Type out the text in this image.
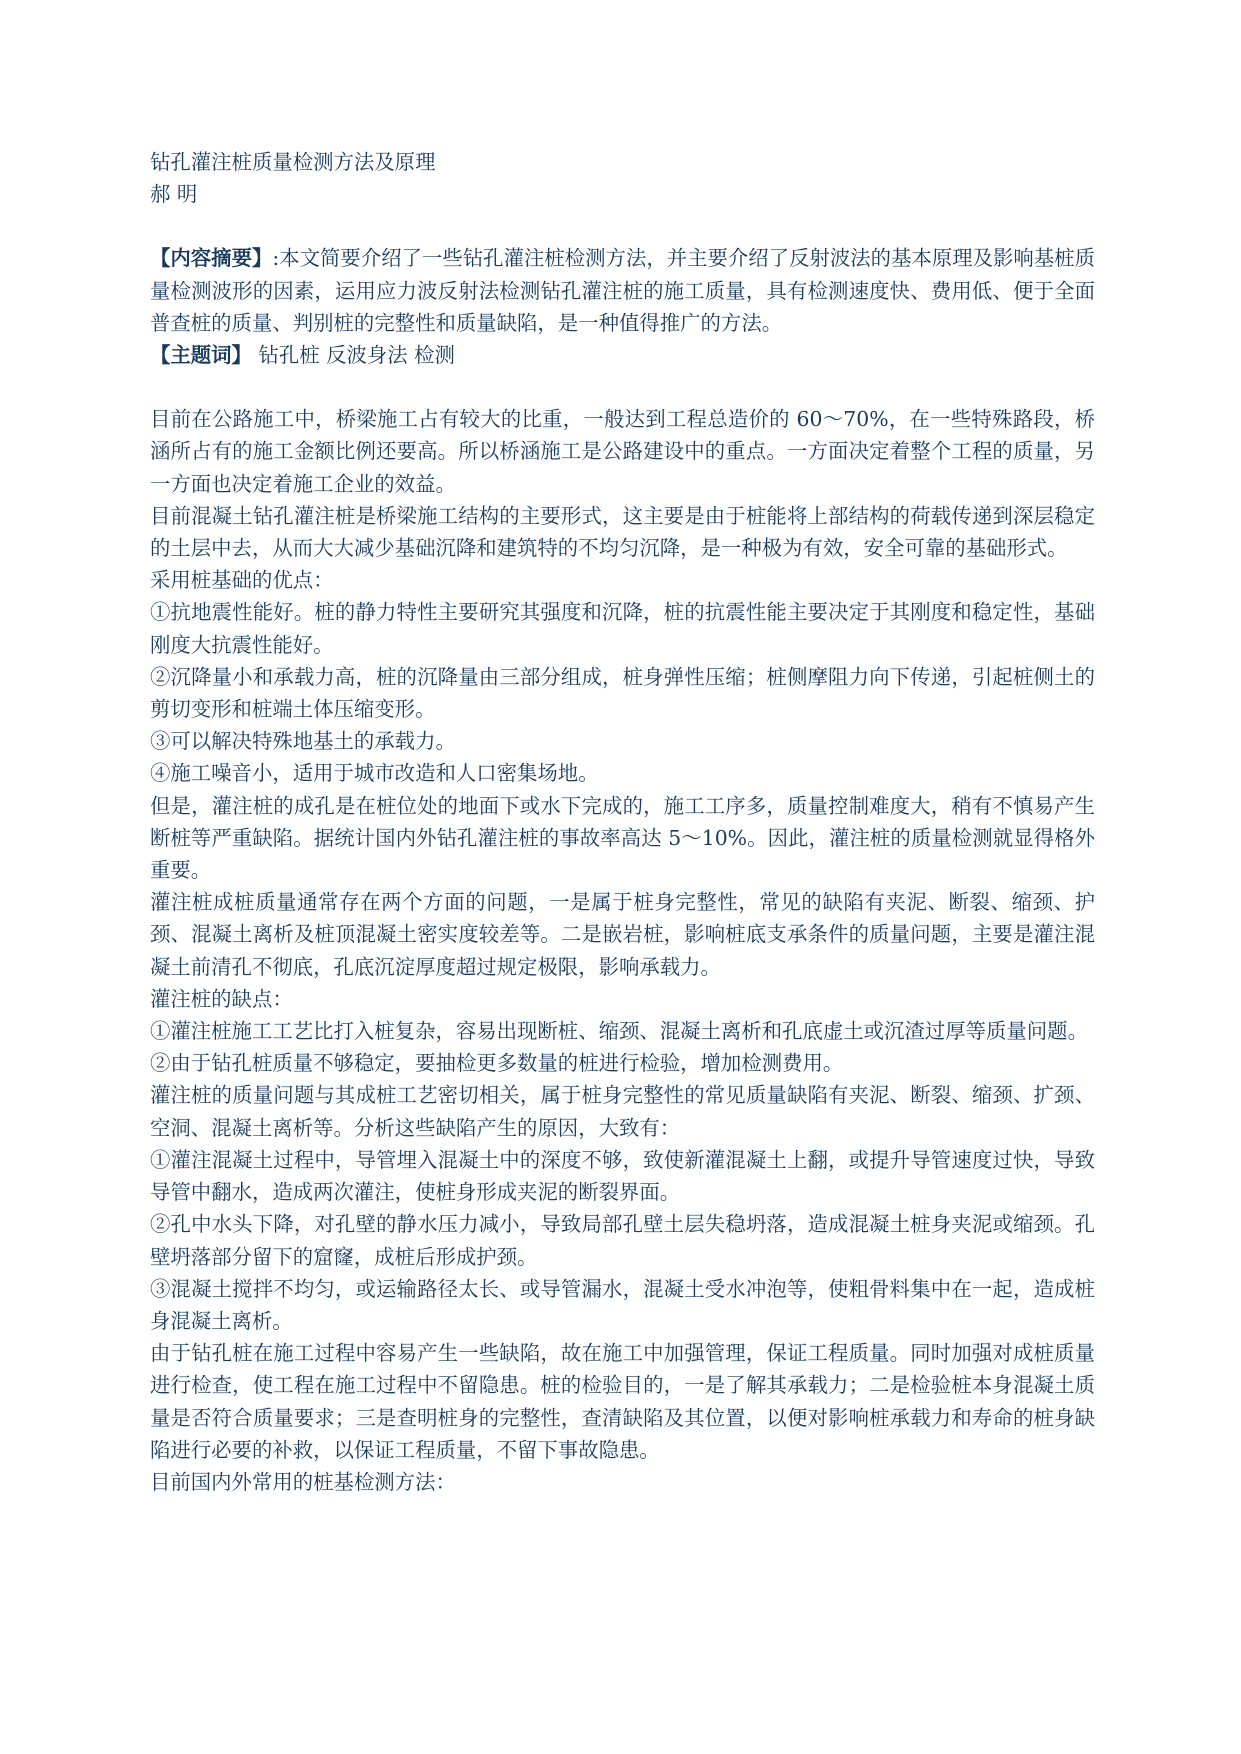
钻孔灌注桩质量检测方法及原理

郝 明

【内容摘要】:本文简要介绍了一些钻孔灌注桩检测方法，并主要介绍了反射波法的基本原理及影响基桩质量检测波形的因素，运用应力波反射法检测钻孔灌注桩的施工质量，具有检测速度快、费用低、便于全面普查桩的质量、判别桩的完整性和质量缺陷，是一种值得推广的方法。

【主题词】 钻孔桩 反波身法 检测

目前在公路施工中，桥梁施工占有较大的比重，一般达到工程总造价的 60～70%，在一些特殊路段，桥涵所占有的施工金额比例还要高。所以桥涵施工是公路建设中的重点。一方面决定着整个工程的质量，另一方面也决定着施工企业的效益。

目前混凝土钻孔灌注桩是桥梁施工结构的主要形式，这主要是由于桩能将上部结构的荷载传递到深层稳定的土层中去，从而大大减少基础沉降和建筑特的不均匀沉降，是一种极为有效，安全可靠的基础形式。

采用桩基础的优点：

①抗地震性能好。桩的静力特性主要研究其强度和沉降，桩的抗震性能主要决定于其刚度和稳定性，基础刚度大抗震性能好。

②沉降量小和承载力高，桩的沉降量由三部分组成，桩身弹性压缩；桩侧摩阻力向下传递，引起桩侧土的剪切变形和桩端土体压缩变形。

③可以解决特殊地基土的承载力。

④施工噪音小，适用于城市改造和人口密集场地。

但是，灌注桩的成孔是在桩位处的地面下或水下完成的，施工工序多，质量控制难度大，稍有不慎易产生断桩等严重缺陷。据统计国内外钻孔灌注桩的事故率高达 5～10%。因此，灌注桩的质量检测就显得格外重要。

灌注桩成桩质量通常存在两个方面的问题，一是属于桩身完整性，常见的缺陷有夹泥、断裂、缩颈、护颈、混凝土离析及桩顶混凝土密实度较差等。二是嵌岩桩，影响桩底支承条件的质量问题，主要是灌注混凝土前清孔不彻底，孔底沉淀厚度超过规定极限，影响承载力。

灌注桩的缺点：

①灌注桩施工工艺比打入桩复杂，容易出现断桩、缩颈、混凝土离析和孔底虚土或沉渣过厚等质量问题。

②由于钻孔桩质量不够稳定，要抽检更多数量的桩进行检验，增加检测费用。

灌注桩的质量问题与其成桩工艺密切相关，属于桩身完整性的常见质量缺陷有夹泥、断裂、缩颈、扩颈、空洞、混凝土离析等。分析这些缺陷产生的原因，大致有：

①灌注混凝土过程中，导管埋入混凝土中的深度不够，致使新灌混凝土上翻，或提升导管速度过快，导致导管中翻水，造成两次灌注，使桩身形成夹泥的断裂界面。

②孔中水头下降，对孔壁的静水压力减小，导致局部孔壁土层失稳坍落，造成混凝土桩身夹泥或缩颈。孔壁坍落部分留下的窟窿，成桩后形成护颈。

③混凝土搅拌不均匀，或运输路径太长、或导管漏水，混凝土受水冲泡等，使粗骨料集中在一起，造成桩身混凝土离析。

由于钻孔桩在施工过程中容易产生一些缺陷，故在施工中加强管理，保证工程质量。同时加强对成桩质量进行检查，使工程在施工过程中不留隐患。桩的检验目的，一是了解其承载力；二是检验桩本身混凝土质量是否符合质量要求；三是查明桩身的完整性，查清缺陷及其位置，以便对影响桩承载力和寿命的桩身缺陷进行必要的补救，以保证工程质量，不留下事故隐患。

目前国内外常用的桩基检测方法：
